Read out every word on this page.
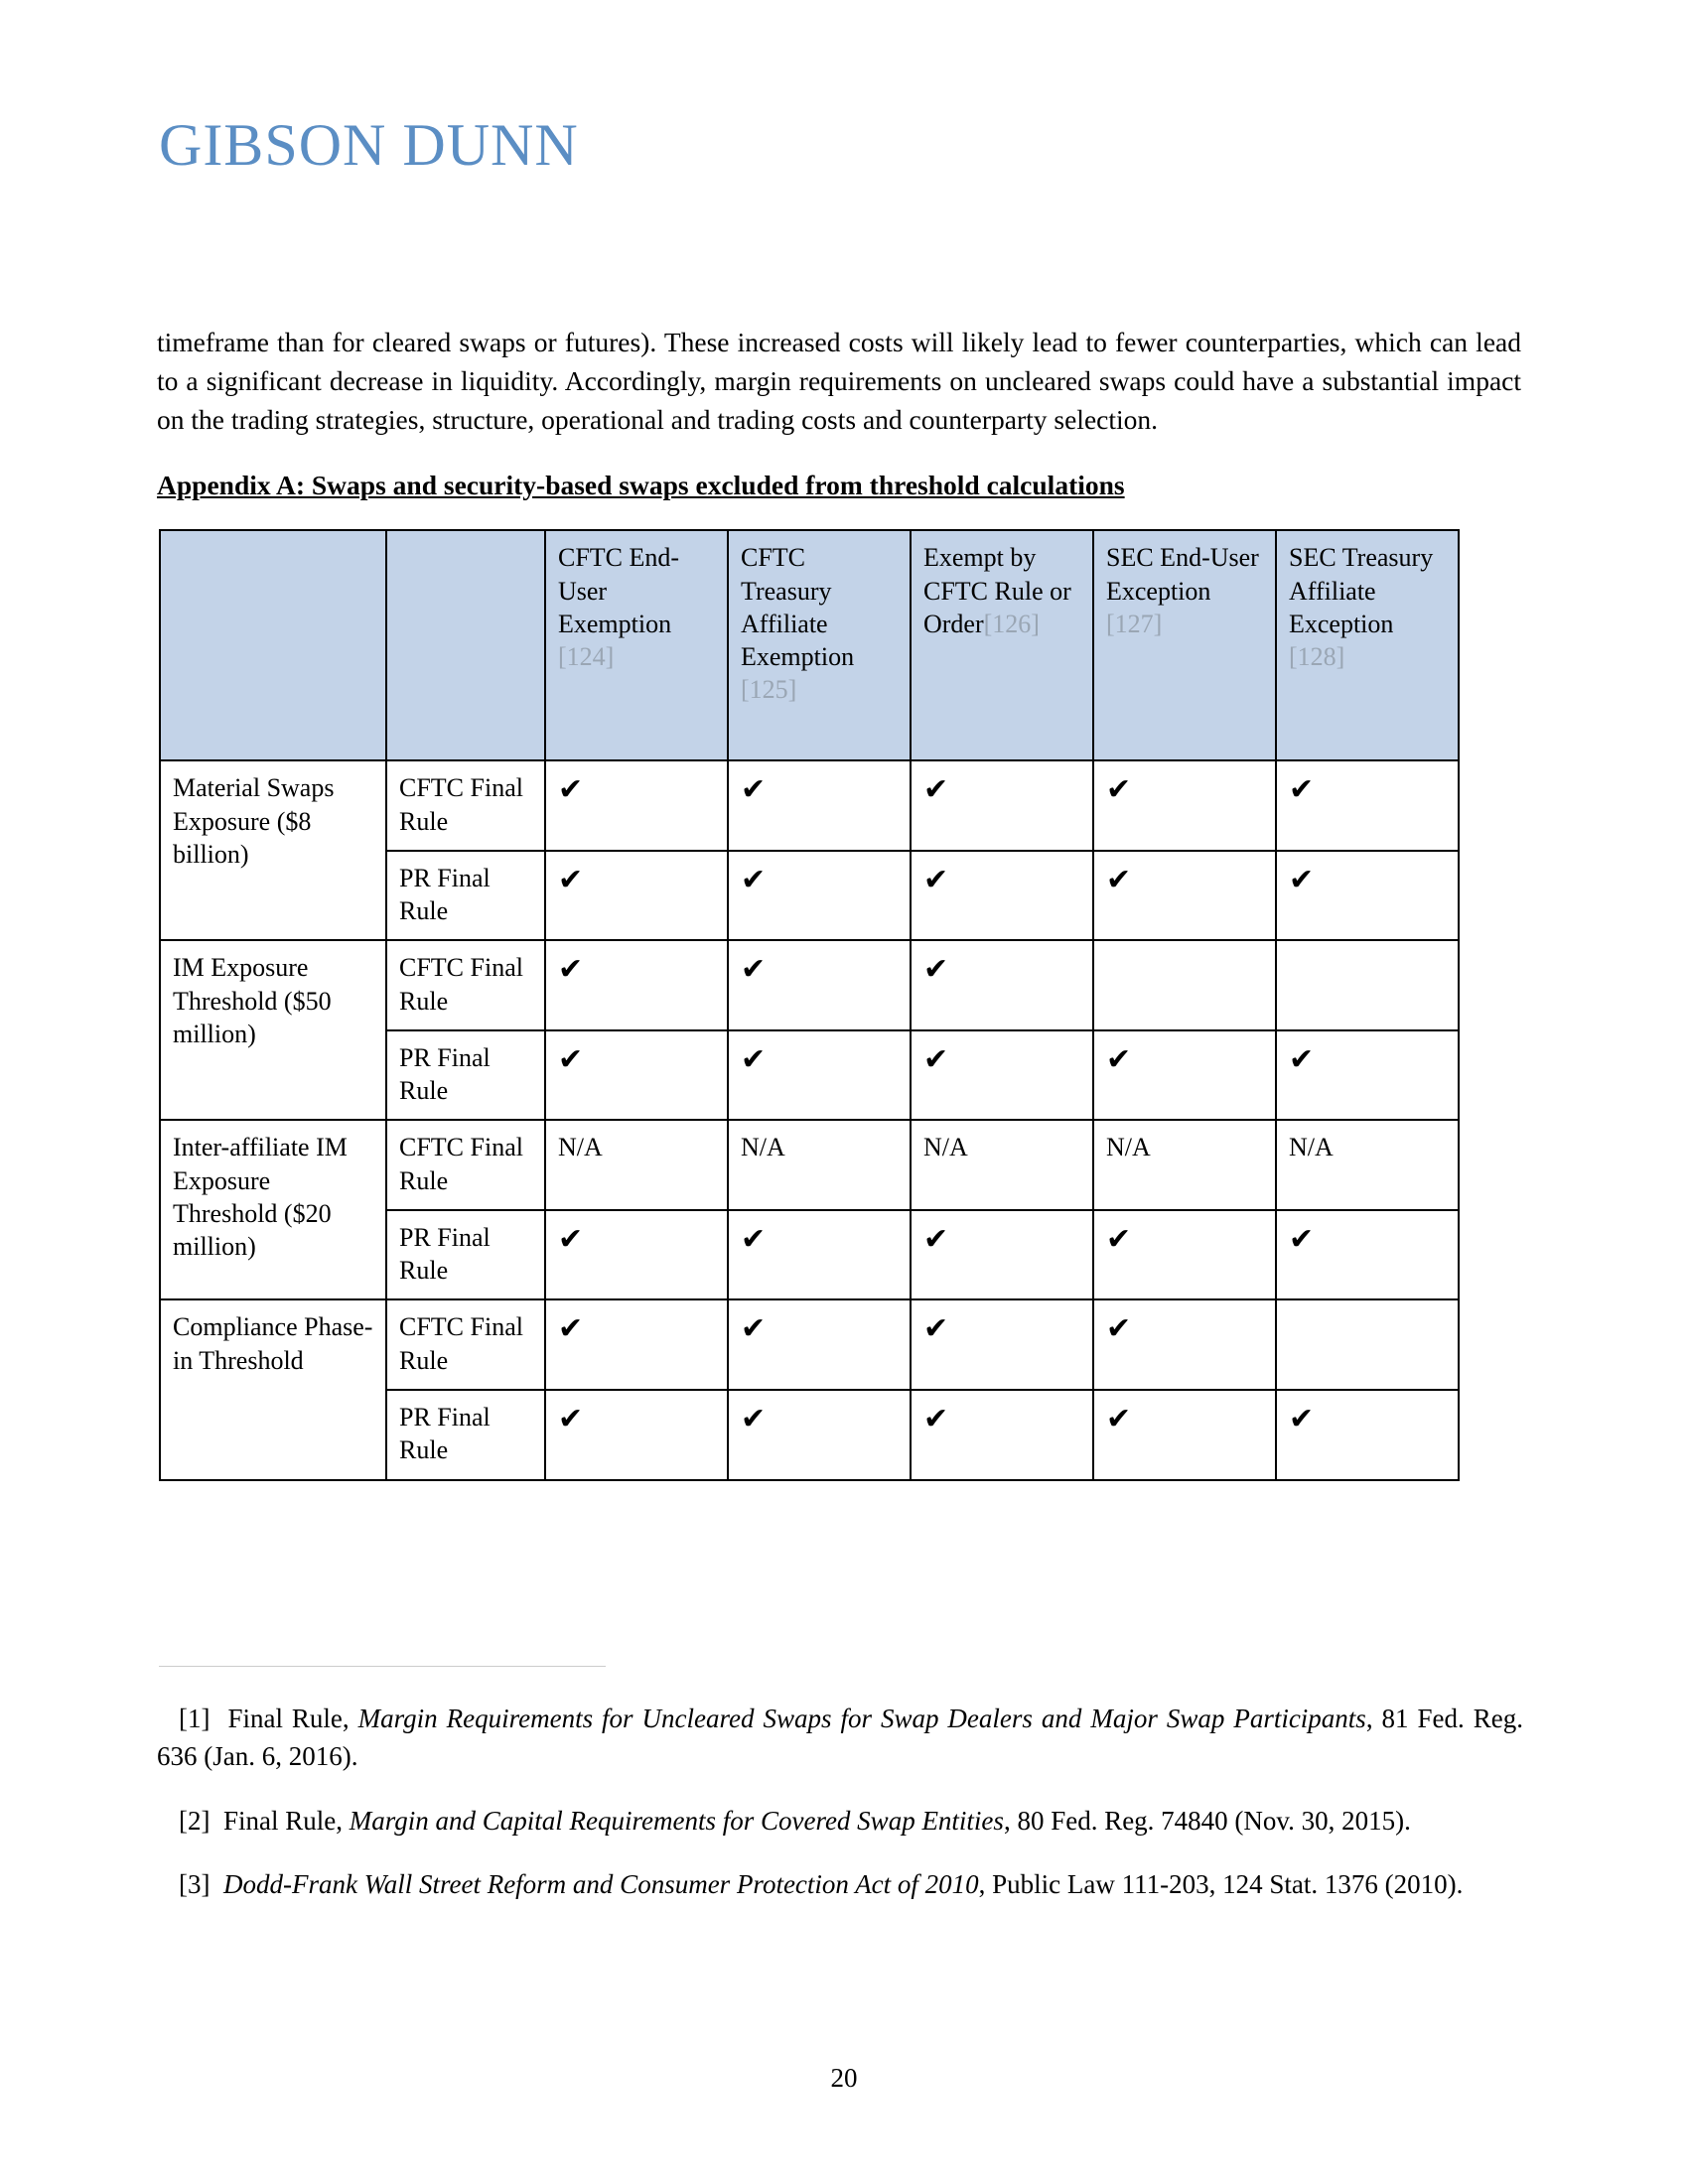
GIBSON DUNN

timeframe than for cleared swaps or futures). These increased costs will likely lead to fewer counterparties, which can lead to a significant decrease in liquidity. Accordingly, margin requirements on uncleared swaps could have a substantial impact on the trading strategies, structure, operational and trading costs and counterparty selection.

Appendix A: Swaps and security-based swaps excluded from threshold calculations
		CFTC End-User Exemption [124]	CFTC Treasury Affiliate Exemption [125]	Exempt by CFTC Rule or Order[126]	SEC End-User Exception [127]	SEC Treasury Affiliate Exception [128]
Material Swaps Exposure ($8 billion)	CFTC Final Rule	✔	✔	✔	✔	✔
	PR Final Rule	✔	✔	✔	✔	✔
IM Exposure Threshold ($50 million)	CFTC Final Rule	✔	✔	✔		
	PR Final Rule	✔	✔	✔	✔	✔
Inter-affiliate IM Exposure Threshold ($20 million)	CFTC Final Rule	N/A	N/A	N/A	N/A	N/A
	PR Final Rule	✔	✔	✔	✔	✔
Compliance Phase-in Threshold	CFTC Final Rule	✔	✔	✔	✔	
	PR Final Rule	✔	✔	✔	✔	✔

[1] Final Rule, Margin Requirements for Uncleared Swaps for Swap Dealers and Major Swap Participants, 81 Fed. Reg. 636 (Jan. 6, 2016).

[2] Final Rule, Margin and Capital Requirements for Covered Swap Entities, 80 Fed. Reg. 74840 (Nov. 30, 2015).

[3] Dodd-Frank Wall Street Reform and Consumer Protection Act of 2010, Public Law 111-203, 124 Stat. 1376 (2010).

20
